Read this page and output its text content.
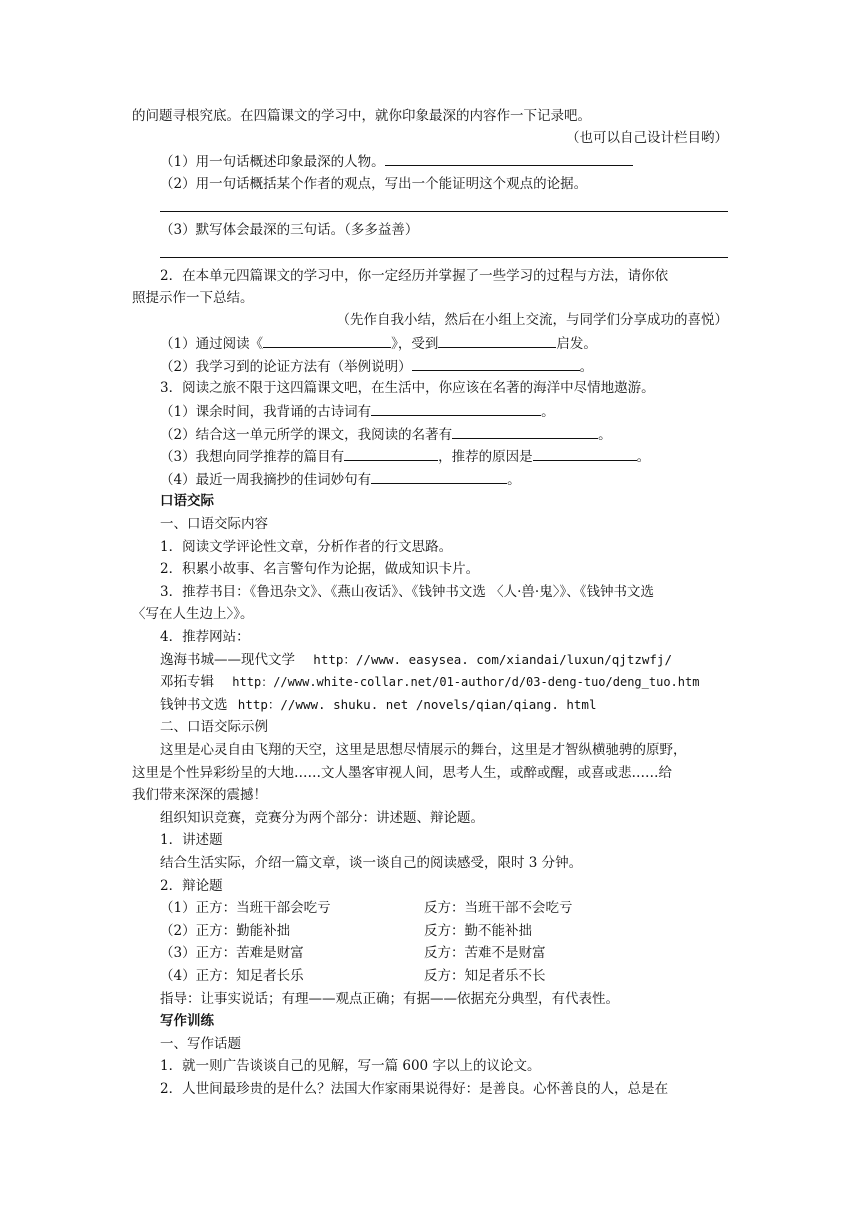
的问题寻根究底。在四篇课文的学习中，就你印象最深的内容作一下记录吧。
（也可以自己设计栏目哟）
（1）用一句话概述印象最深的人物。
（2）用一句话概括某个作者的观点，写出一个能证明这个观点的论据。
（3）默写体会最深的三句话。（多多益善）
2．在本单元四篇课文的学习中，你一定经历并掌握了一些学习的过程与方法，请你依
照提示作一下总结。
（先作自我小结，然后在小组上交流，与同学们分享成功的喜悦）
（1）通过阅读《	》，受到	启发。
（2）我学习到的论证方法有（举例说明）	。
3．阅读之旅不限于这四篇课文吧，在生活中，你应该在名著的海洋中尽情地遨游。
（1）课余时间，我背诵的古诗词有	。
（2）结合这一单元所学的课文，我阅读的名著有	。
（3）我想向同学推荐的篇目有	，推荐的原因是	。
（4）最近一周我摘抄的佳词妙句有	。
口语交际
一、口语交际内容
1．阅读文学评论性文章，分析作者的行文思路。
2．积累小故事、名言警句作为论据，做成知识卡片。
3．推荐书目：《鲁迅杂文》、《燕山夜话》、《钱钟书文选 〈人·兽·鬼〉》、《钱钟书文选
〈写在人生边上〉》。
4．推荐网站：
逸海书城——现代文学 http：//www. easysea. com/xiandai/luxun/qjtzwfj/
邓拓专辑 http：//www.white-collar.net/01-author/d/03-deng-tuo/deng_tuo.htm
钱钟书文选 http：//www. shuku. net /novels/qian/qiang. html
二、口语交际示例
这里是心灵自由飞翔的天空，这里是思想尽情展示的舞台，这里是才智纵横驰骋的原野，
这里是个性异彩纷呈的大地……文人墨客审视人间，思考人生，或醉或醒，或喜或悲……给
我们带来深深的震撼！
组织知识竞赛，竞赛分为两个部分：讲述题、辩论题。
1．讲述题
结合生活实际，介绍一篇文章，谈一谈自己的阅读感受，限时 3 分钟。
2．辩论题
（1）正方：当班干部会吃亏	反方：当班干部不会吃亏
（2）正方：勤能补拙	反方：勤不能补拙
（3）正方：苦难是财富	反方：苦难不是财富
（4）正方：知足者长乐	反方：知足者乐不长
指导：让事实说话；有理——观点正确；有据——依据充分典型，有代表性。
写作训练
一、写作话题
1．就一则广告谈谈自己的见解，写一篇 600 字以上的议论文。
2．人世间最珍贵的是什么？法国大作家雨果说得好：是善良。心怀善良的人，总是在
